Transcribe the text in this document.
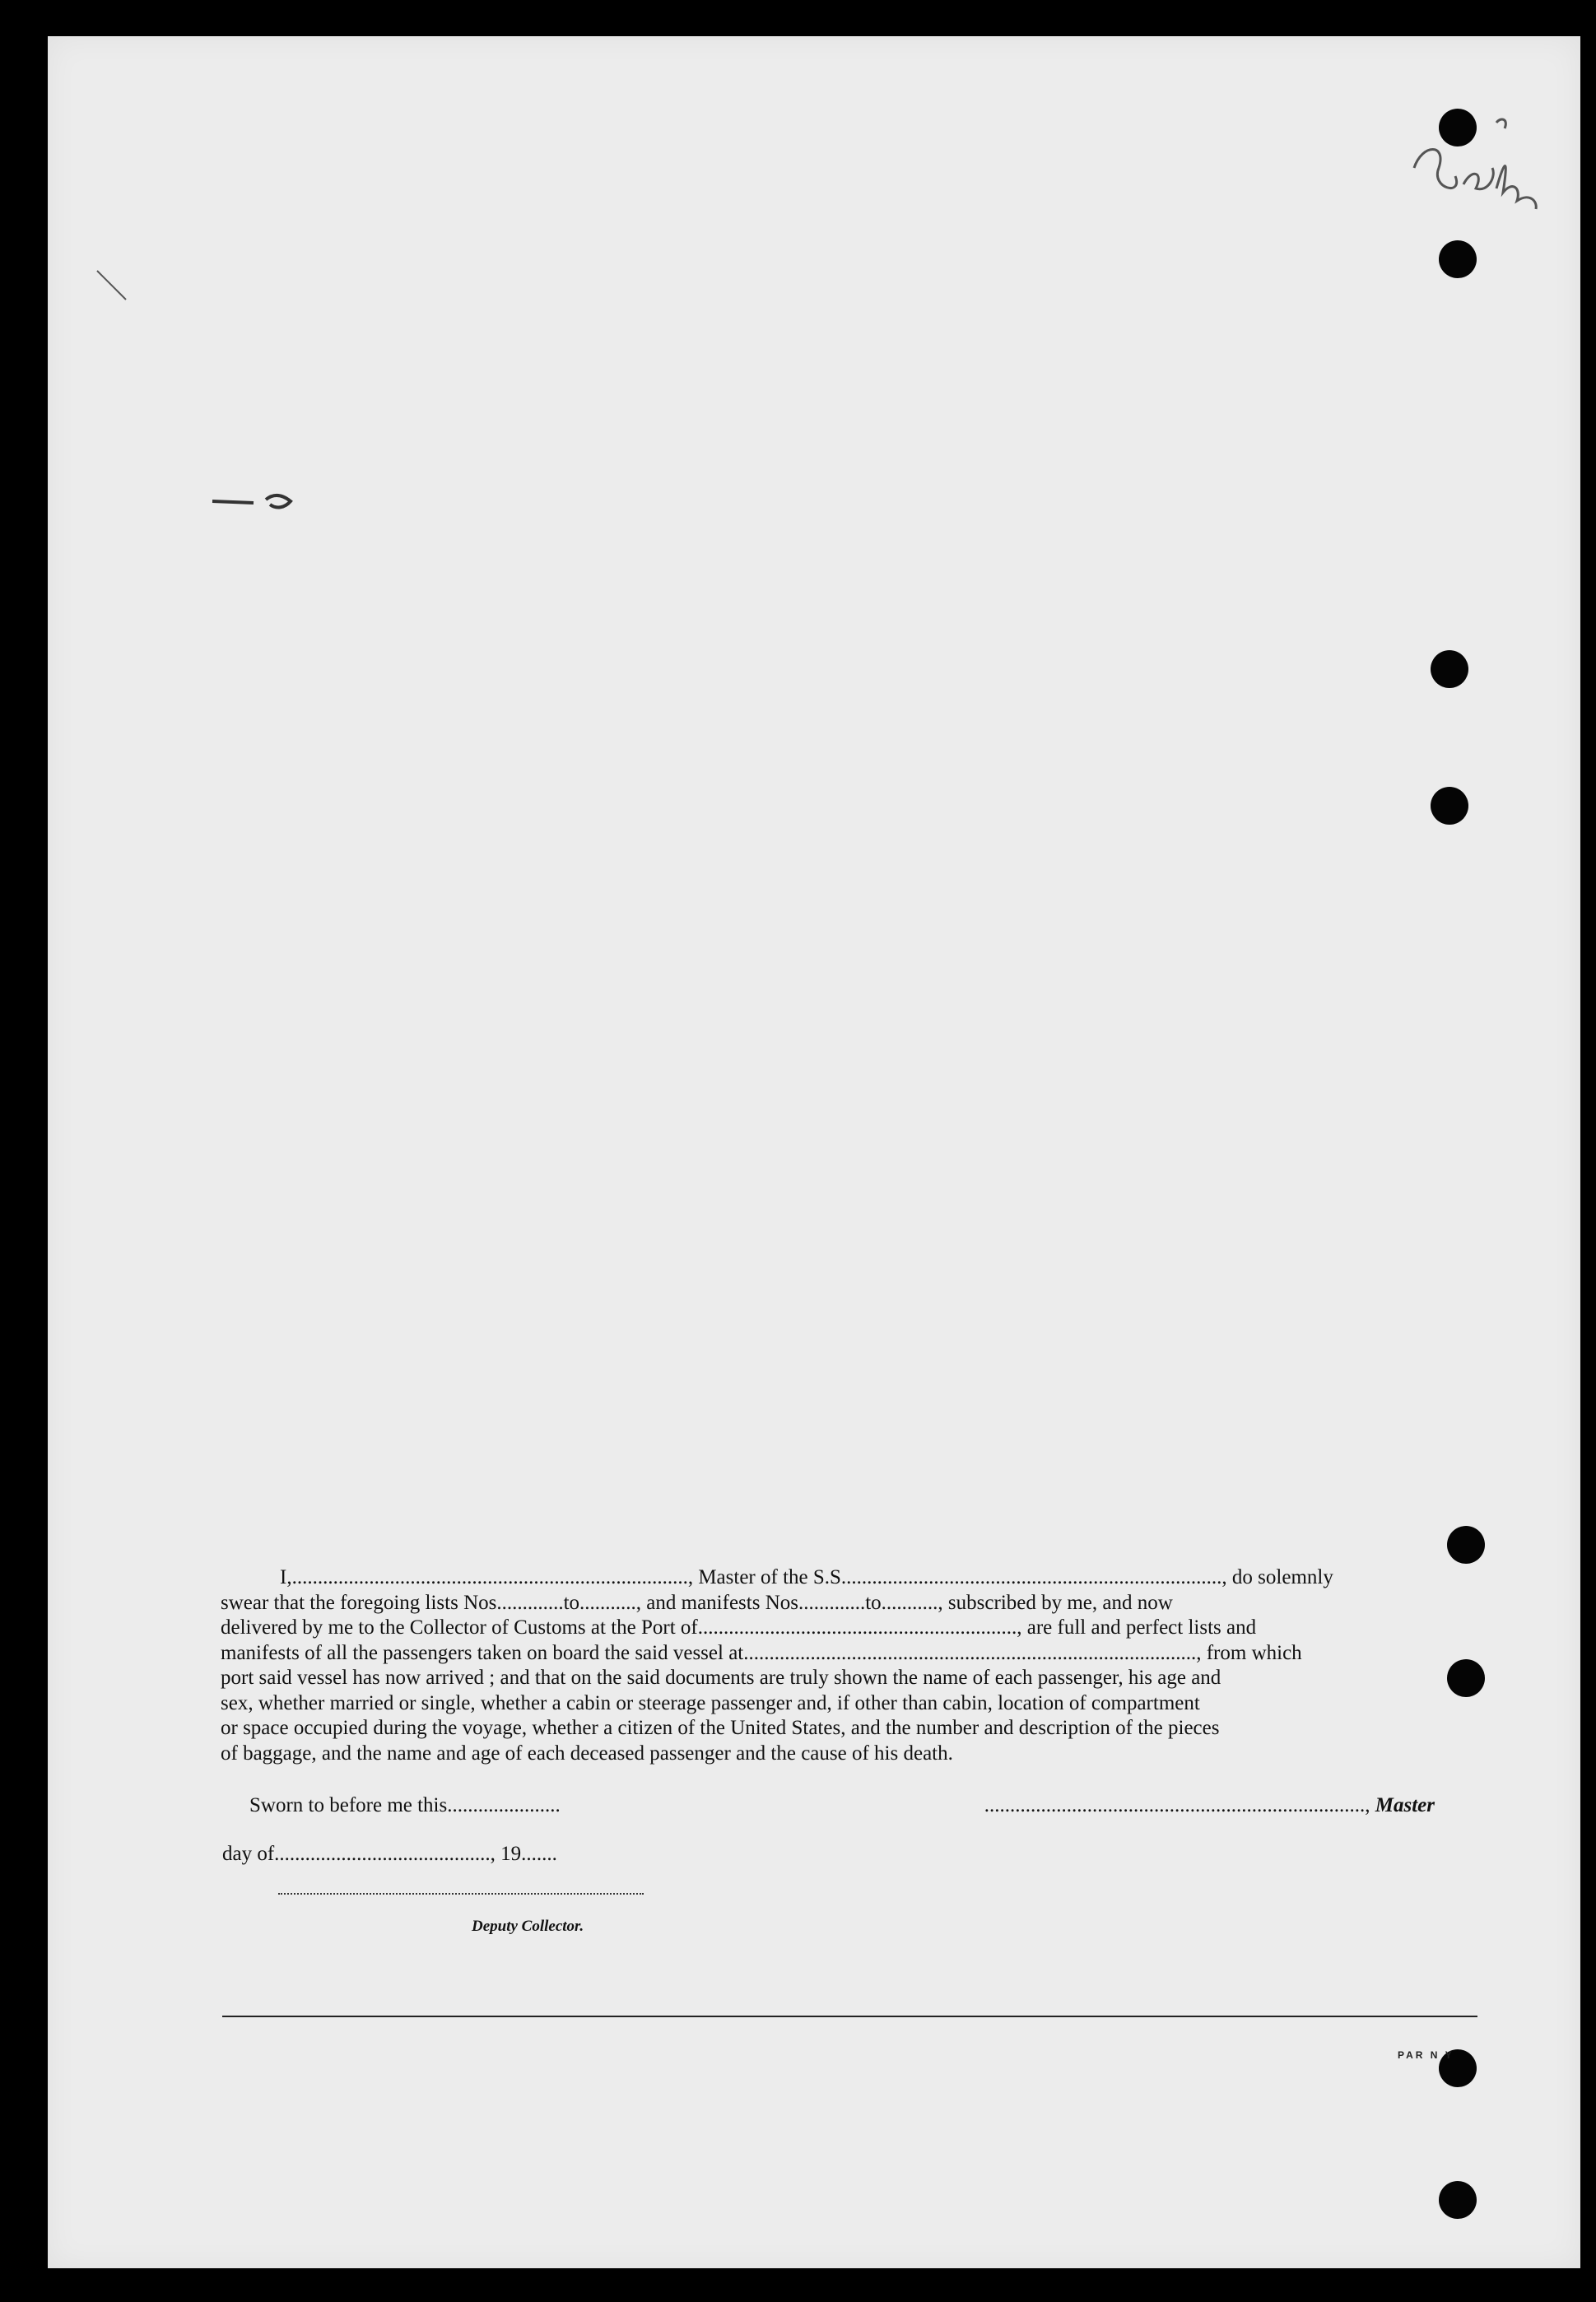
I,............................................................................., Master of the S.S.........................................................................., do solemnly
swear that the foregoing lists Nos.............to..........., and manifests Nos.............to..........., subscribed by me, and now
delivered by me to the Collector of Customs at the Port of.............................................................., are full and perfect lists and
manifests of all the passengers taken on board the said vessel at........................................................................................, from which
port said vessel has now arrived ; and that on the said documents are truly shown the name of each passenger, his age and
sex, whether married or single, whether a cabin or steerage passenger and, if other than cabin, location of compartment
or space occupied during the voyage, whether a citizen of the United States, and the number and description of the pieces
of baggage, and the name and age of each deceased passenger and the cause of his death.
Sworn to before me this......................	.........................................................................., Master
day of.........................................., 19.......
Deputy Collector.
PAR N Y
